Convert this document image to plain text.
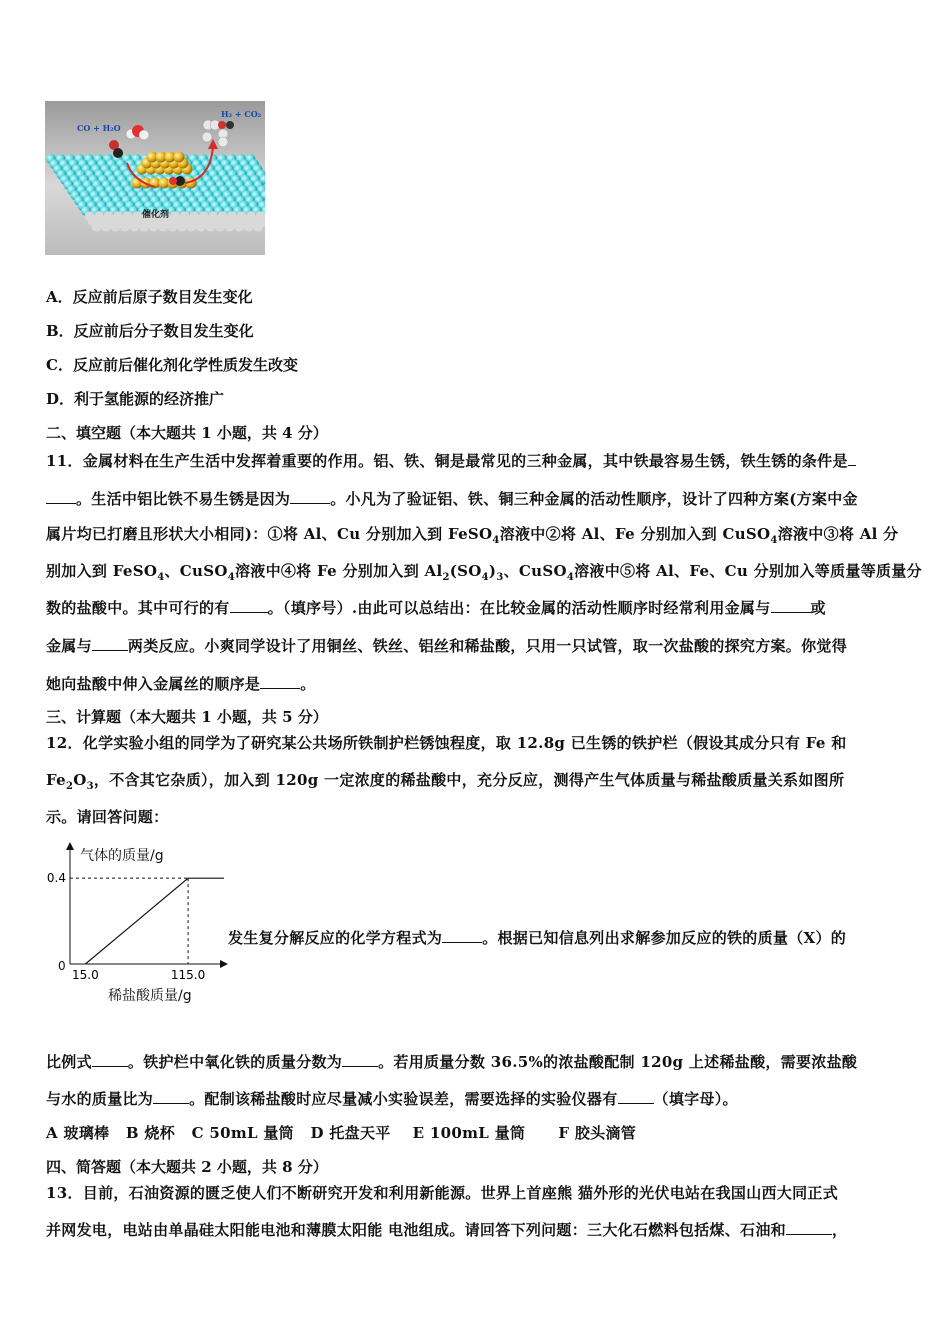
CO + H₂O
H₂ + CO₂
催化剂
A．反应前后原子数目发生变化
B．反应前后分子数目发生变化
C．反应前后催化剂化学性质发生改变
D．利于氢能源的经济推广
二、填空题（本大题共 1 小题，共 4 分）
11．金属材料在生产生活中发挥着重要的作用。铝、铁、铜是最常见的三种金属，其中铁最容易生锈，铁生锈的条件是
。生活中铝比铁不易生锈是因为	。小凡为了验证铝、铁、铜三种金属的活动性顺序，设计了四种方案(方案中金
属片均已打磨且形状大小相同)：①将 Al、Cu 分别加入到 FeSO$_4$溶液中②将 Al、Fe 分别加入到 CuSO$_4$溶液中③将 Al 分
别加入到 FeSO$_4$、CuSO$_4$溶液中④将 Fe 分别加入到 $Al_2(SO_4)_3$、CuSO$_4$溶液中⑤将 Al、Fe、Cu 分别加入等质量等质量分
数的盐酸中。其中可行的有	。（填序号）.由此可以总结出：在比较金属的活动性顺序时经常利用金属与	或
金属与 两类反应。小爽同学设计了用铜丝、铁丝、铝丝和稀盐酸，只用一只试管，取一次盐酸的探究方案。你觉得
她向盐酸中伸入金属丝的顺序是	。
三、计算题（本大题共 1 小题，共 5 分）
12．化学实验小组的同学为了研究某公共场所铁制护栏锈蚀程度，取 12.8g 已生锈的铁护栏（假设其成分只有 Fe 和
$Fe_2O_3$，不含其它杂质），加入到 120g 一定浓度的稀盐酸中，充分反应，测得产生气体质量与稀盐酸质量关系如图所
示。请回答问题：
气体的质量/g
稀盐酸质量/g
0
15.0	115.0
0.4
发生复分解反应的化学方程式为	。根据已知信息列出求解参加反应的铁的质量（X）的
比例式 。铁护栏中氧化铁的质量分数为 。若用质量分数 36.5%的浓盐酸配制 120g 上述稀盐酸，需要浓盐酸
与水的质量比为 。配制该稀盐酸时应尽量减小实验误差，需要选择的实验仪器有 （填字母）。
A 玻璃棒   B 烧杯   C 50mL 量筒   D 托盘天平    E 100mL 量筒      F 胶头滴管
四、简答题（本大题共 2 小题，共 8 分）
13．目前，石油资源的匮乏使人们不断研究开发和利用新能源。世界上首座熊 猫外形的光伏电站在我国山西大同正式
并网发电，电站由单晶硅太阳能电池和薄膜太阳能 电池组成。请回答下列问题：三大化石燃料包括煤、石油和	，
